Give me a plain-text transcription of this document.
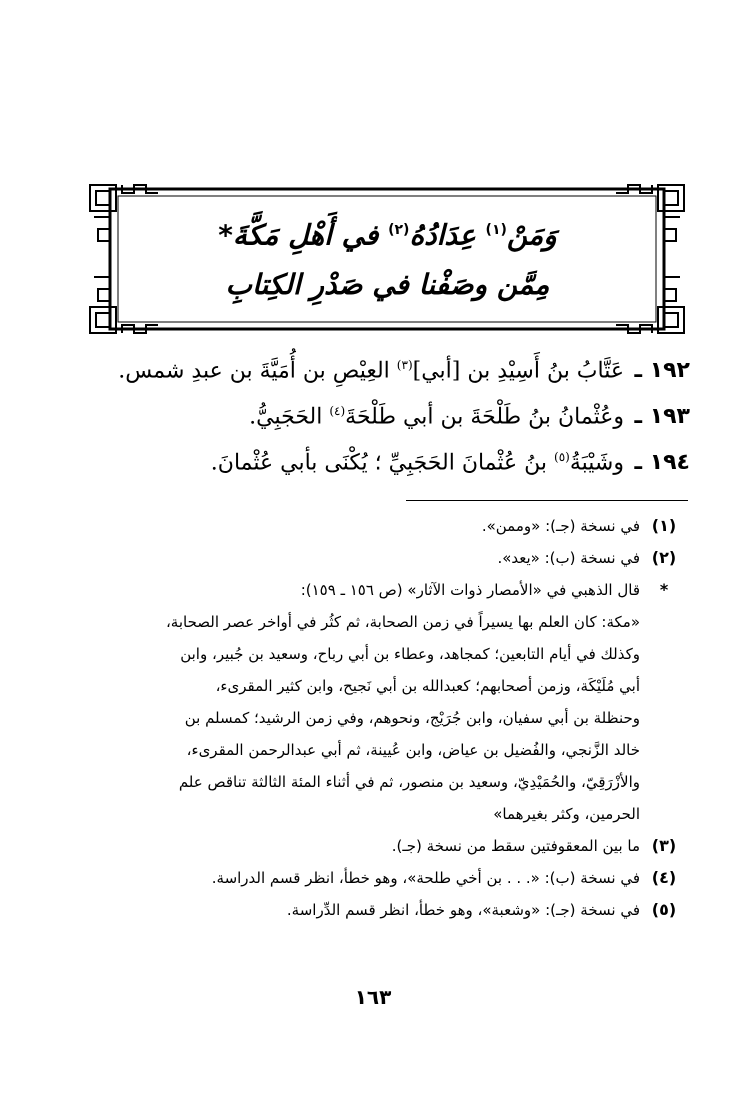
وَمَنْ$^{(١)}$ عِدَادُهُ$^{(٢)}$ في أَهْلِ مَكَّةَ*
مِمَّن وصَفْنا في صَدْرِ الكِتابِ
١٩٢ ـ
عَتَّابُ بنُ أَسِيْدِ بن [أبي]$^{(٣)}$ العِيْصِ بن أُمَيَّةَ بن عبدِ شمس.
١٩٣ ـ
وعُثْمانُ بنُ طَلْحَةَ بن أبي طَلْحَةَ$^{(٤)}$ الحَجَبِيُّ.
١٩٤ ـ
وشَيْبَةُ$^{(٥)}$ بنُ عُثْمانَ الحَجَبِيِّ ؛ يُكْنَى بأبي عُثْمانَ.
(١)

في نسخة (جـ): «وممن».

(٢)

في نسخة (ب): «يعد».

*

قال الذهبي في «الأمصار ذوات الآثار» (ص ١٥٦ ـ ١٥٩):

«مكة: كان العلم بها يسيراً في زمن الصحابة، ثم كثُر في أواخر عصر الصحابة،

وكذلك في أيام التابعين؛ كمجاهد، وعطاء بن أبي رباح، وسعيد بن جُبير، وابن

أبي مُلَيْكَة، وزمن أصحابهم؛ كعبدالله بن أبي نَجيح، وابن كثير المقرىء،

وحنظلة بن أبي سفيان، وابن جُرَيْج، ونحوهم، وفي زمن الرشيد؛ كمسلم بن

خالد الزَّنجي، والفُضيل بن عياض، وابن عُيينة، ثم أبي عبدالرحمن المقرىء،

والأزْرَقِيّ، والحُمَيْدِيّ، وسعيد بن منصور، ثم في أثناء المئة الثالثة تناقص علم

الحرمين، وكثر بغيرهما»

(٣)

ما بين المعقوفتين سقط من نسخة (جـ).

(٤)

في نسخة (ب): «. . . بن أخي طلحة»، وهو خطأ، انظر قسم الدراسة.

(٥)

في نسخة (جـ): «وشعبة»، وهو خطأ، انظر قسم الدِّراسة.

١٦٣
